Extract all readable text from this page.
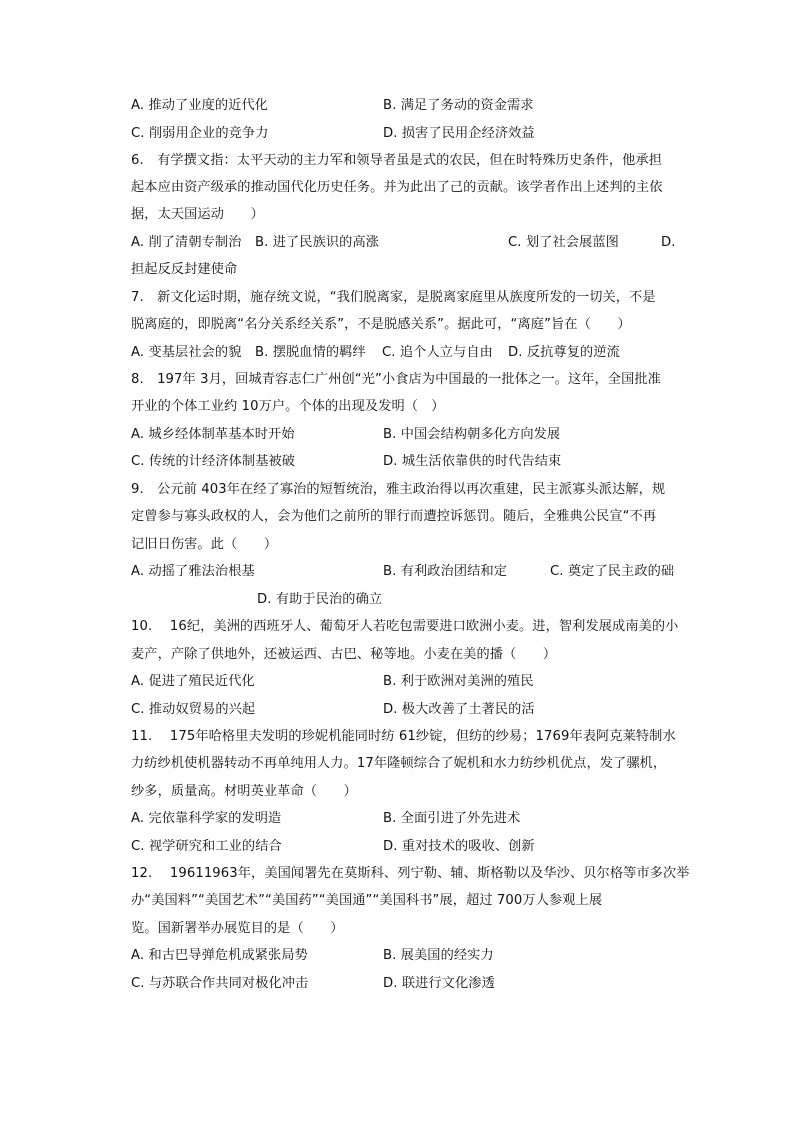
A. 推动了业度的近代化	B. 满足了务动的资金需求
C. 削弱用企业的竞争力	D. 损害了民用企经济效益
6.　有学撰文指：太平天动的主力军和领导者虽是式的农民，但在时特殊历史条件，他承担
起本应由资产级承的推动国代化历史任务。并为此出了己的贡献。该学者作出上述判的主依
据，太天国运动　　）
A. 削了清朝专制治 B. 进了民族识的高涨	C. 划了社会展蓝图	D.
担起反反封建使命
7.　新文化运时期，施存统文说，“我们脱离家，是脱离家庭里从族度所发的一切关，不是
脱离庭的，即脱离“名分关系经关系”，不是脱感关系”。据此可，“离庭”旨在（　　）
A. 变基层社会的貌 B. 摆脱血情的羁绊 C. 追个人立与自由 D. 反抗尊复的逆流
8.　197年 3月，回城青容志仁广州创“光”小食店为中国最的一批体之一。这年，全国批准
开业的个体工业约 10万户。个体的出现及发明（　）
A. 城乡经体制革基本时开始	B. 中国会结构朝多化方向发展
C. 传统的计经济体制基被破	D. 城生活依靠供的时代告结束
9.　公元前 403年在经了寡治的短暂统治，雅主政治得以再次重建，民主派寡头派达解，规
定曾参与寡头政权的人，会为他们之前所的罪行而遭控诉惩罚。随后，全雅典公民宣“不再
记旧日伤害。此（　　）
A. 动摇了雅法治根基	B. 有利政治团结和定	C. 奠定了民主政的础
D. 有助于民治的确立
10.　 16纪，美洲的西班牙人、葡萄牙人若吃包需要进口欧洲小麦。进，智利发展成南美的小
麦产，产除了供地外，还被运西、古巴、秘等地。小麦在美的播（　　）
A. 促进了殖民近代化	B. 利于欧洲对美洲的殖民
C. 推动奴贸易的兴起	D. 极大改善了土著民的活
11.　 175年哈格里夫发明的珍妮机能同时纺 61纱锭，但纺的纱易；1769年表阿克莱特制水
力纺纱机使机器转动不再单纯用人力。17年隆顿综合了妮机和水力纺纱机优点，发了骡机，
纱多，质量高。材明英业革命（　　）
A. 完依靠科学家的发明造	B. 全面引进了外先进术
C. 视学研究和工业的结合	D. 重对技术的吸收、创新
12.　 19611963年，美国闻署先在莫斯科、列宁勒、辅、斯格勒以及华沙、贝尔格等市多次举
办“美国料”“美国艺术”“美国药”“美国通”“美国科书”展，超过 700万人参观上展
览。国新署举办展览目的是（　　）
A. 和古巴导弹危机成紧张局势	B. 展美国的经实力
C. 与苏联合作共同对极化冲击	D. 联进行文化渗透
